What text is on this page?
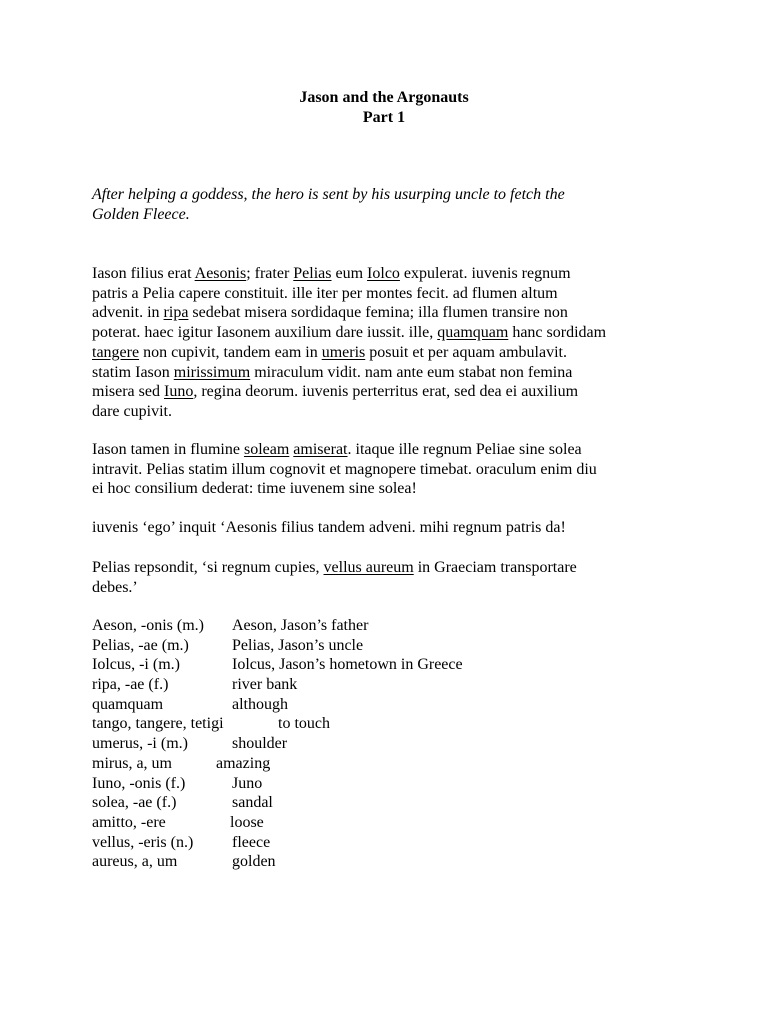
Jason and the Argonauts
Part 1
After helping a goddess, the hero is sent by his usurping uncle to fetch the
Golden Fleece.
Iason filius erat Aesonis; frater Pelias eum Iolco expulerat. iuvenis regnum
patris a Pelia capere constituit. ille iter per montes fecit. ad flumen altum
advenit. in ripa sedebat misera sordidaque femina; illa flumen transire non
poterat. haec igitur Iasonem auxilium dare iussit. ille, quamquam hanc sordidam
tangere non cupivit, tandem eam in umeris posuit et per aquam ambulavit.
statim Iason mirissimum miraculum vidit. nam ante eum stabat non femina
misera sed Iuno, regina deorum. iuvenis perterritus erat, sed dea ei auxilium
dare cupivit.
Iason tamen in flumine soleam amiserat. itaque ille regnum Peliae sine solea
intravit. Pelias statim illum cognovit et magnopere timebat. oraculum enim diu
ei hoc consilium dederat: time iuvenem sine solea!
iuvenis ‘ego’ inquit ‘Aesonis filius tandem adveni. mihi regnum patris da!
Pelias repsondit, ‘si regnum cupies, vellus aureum in Graeciam transportare
debes.’
Aeson, -onis (m.) Aeson, Jason’s father
Pelias, -ae (m.)	Pelias, Jason’s uncle
Iolcus, -i (m.)	Iolcus, Jason’s hometown in Greece
ripa, -ae (f.)	river bank
quamquam	although
tango, tangere, tetigi	to touch
umerus, -i (m.)	shoulder
mirus, a, um	amazing
Iuno, -onis (f.)	Juno
solea, -ae (f.)	sandal
amitto, -ere	loose
vellus, -eris (n.) fleece
aureus, a, um	golden
